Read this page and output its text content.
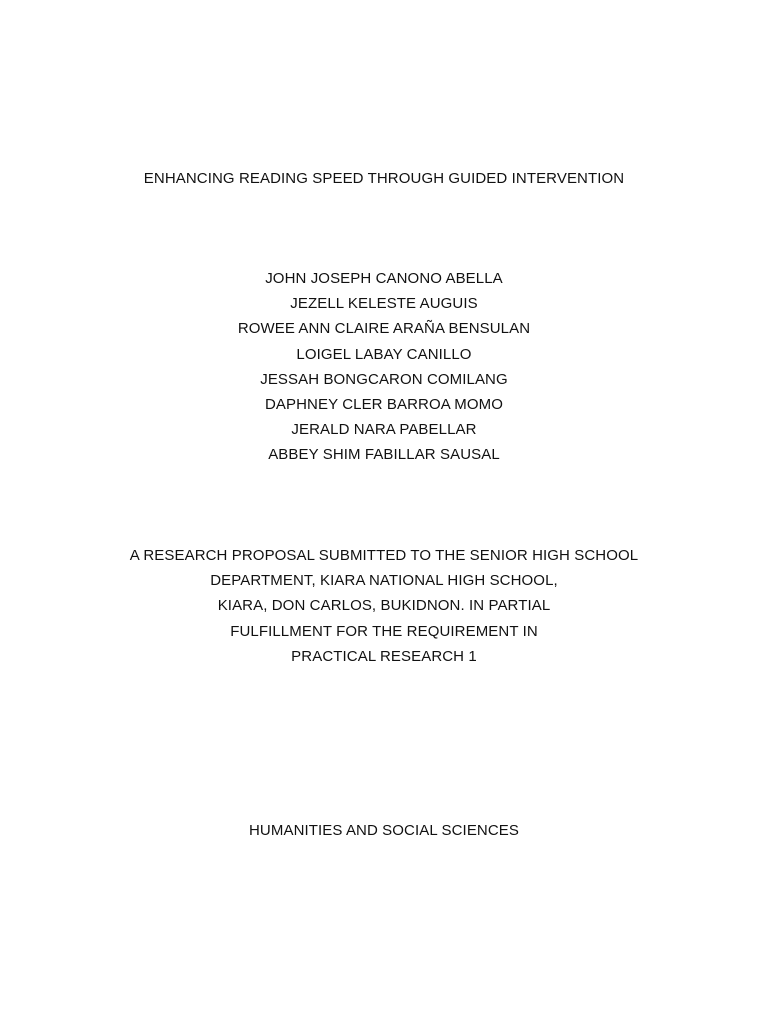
ENHANCING READING SPEED THROUGH GUIDED INTERVENTION
JOHN JOSEPH CANONO ABELLA
JEZELL KELESTE AUGUIS
ROWEE ANN CLAIRE ARAÑA BENSULAN
LOIGEL LABAY CANILLO
JESSAH BONGCARON COMILANG
DAPHNEY CLER BARROA MOMO
JERALD NARA PABELLAR
ABBEY SHIM FABILLAR SAUSAL
A RESEARCH PROPOSAL SUBMITTED TO THE SENIOR HIGH SCHOOL
DEPARTMENT, KIARA NATIONAL HIGH SCHOOL,
KIARA, DON CARLOS, BUKIDNON. IN PARTIAL
FULFILLMENT FOR THE REQUIREMENT IN
PRACTICAL RESEARCH 1
HUMANITIES AND SOCIAL SCIENCES
